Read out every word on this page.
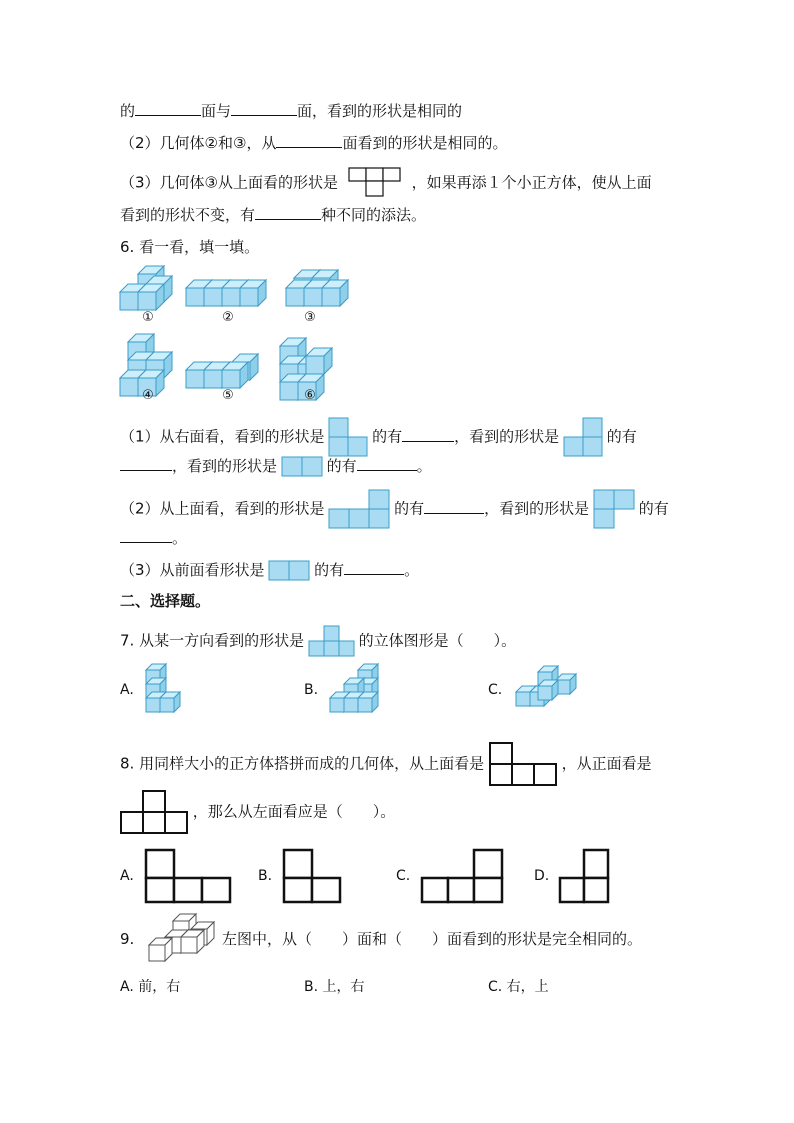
的	面与	面，看到的形状是相同的
（2）几何体②和③，从	面看到的形状是相同的。
（3）几何体③从上面看的形状是	，如果再添１个小正方体，使从上面
看到的形状不变，有	种不同的添法。
6. 看一看，填一填。
①	②	③
④	⑤	⑥
（1）从右面看，看到的形状是	的有	，看到的形状是	的有
，看到的形状是	的有	。
（2）从上面看，看到的形状是	的有	，看到的形状是	的有
。
（3）从前面看形状是	的有	。
二、选择题。
7. 从某一方向看到的形状是	的立体图形是（　　）。
A.	B.	C.
8. 用同样大小的正方体搭拼而成的几何体，从上面看是	，从正面看是
，那么从左面看应是（　　）。
A.	B.	C.	D.
9.	左图中，从（　　）面和（　　）面看到的形状是完全相同的。
A. 前，右	B. 上，右	C. 右，上
